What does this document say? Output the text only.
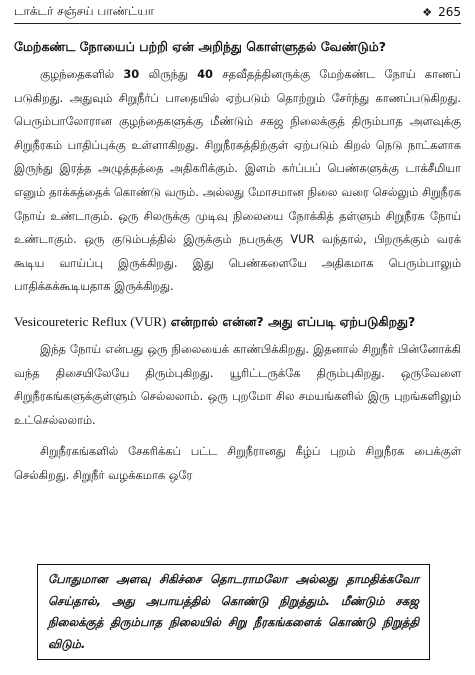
டாக்டர் சஞ்சய் பாண்ட்யா	❖ 265
மேற்கண்ட நோயைப் பற்றி ஏன் அறிந்து கொள்ளுதல் வேண்டும்?

குழந்தைகளில் 30 லிருந்து 40 சதவீதத்தினருக்கு மேற்கண்ட நோய் காணப் படுகிறது. அதுவும் சிறுநீர்ப் பாதையில் ஏற்படும் தொற்றும் சேர்ந்து காணப்படுகிறது. பெரும்பாலோரான குழந்தைகளுக்கு மீண்டும் சகஜ நிலைக்குத் திரும்பாத அளவுக்கு சிறுநீரகம் பாதிப்புக்கு உள்ளாகிறது. சிறுநீரகத்திற்குள் ஏற்படும் கிறல் நெடு நாட்களாக இருந்து இரத்த அழுத்தத்தை அதிகரிக்கும். இளம் கர்ப்பப் பெண்களுக்கு டாக்சீமியா எனும் தாக்கத்தைக் கொண்டு வரும். அல்லது மோசமான நிலை வரை செல்லும் சிறுநீரக நோய் உண்டாகும். ஒரு சிலருக்கு முடிவு நிலையை நோக்கித் தள்ளும் சிறுநீரக நோய் உண்டாகும். ஒரு குடும்பத்தில் இருக்கும் நபருக்கு VUR வந்தால், பிறருக்கும் வரக் கூடிய வாய்ப்பு இருக்கிறது. இது பெண்களையே அதிகமாக பெரும்பாலும் பாதிக்கக்கூடியதாக இருக்கிறது.

Vesicoureteric Reflux (VUR) என்றால் என்ன? அது எப்படி ஏற்படுகிறது?

இந்த நோய் என்பது ஒரு நிலையைக் காண்பிக்கிறது. இதனால் சிறுநீர் பின்னோக்கி வந்த திசையிலேயே திரும்புகிறது. யூரிட்டருக்கே திரும்புகிறது. ஒருவேளை சிறுநீரகங்களுக்குள்ளும் செல்லலாம். ஒரு புறமோ சில சமயங்களில் இரு புறங்களிலும் உட்செல்லலாம்.

சிறுநீரகங்களில் சேகரிக்கப் பட்ட சிறுநீரானது கீழ்ப் புறம் சிறுநீரக பைக்குள் செல்கிறது. சிறுநீர் வழக்கமாக ஒரே

போதுமான அளவு சிகிச்சை தொடராமலோ அல்லது தாமதிக்கவோ செய்தால், அது அபாயத்தில் கொண்டு நிறுத்தும். மீண்டும் சகஜ நிலைக்குத் திரும்பாத நிலையில் சிறு நீரகங்களைக் கொண்டு நிறுத்தி விடும்.
